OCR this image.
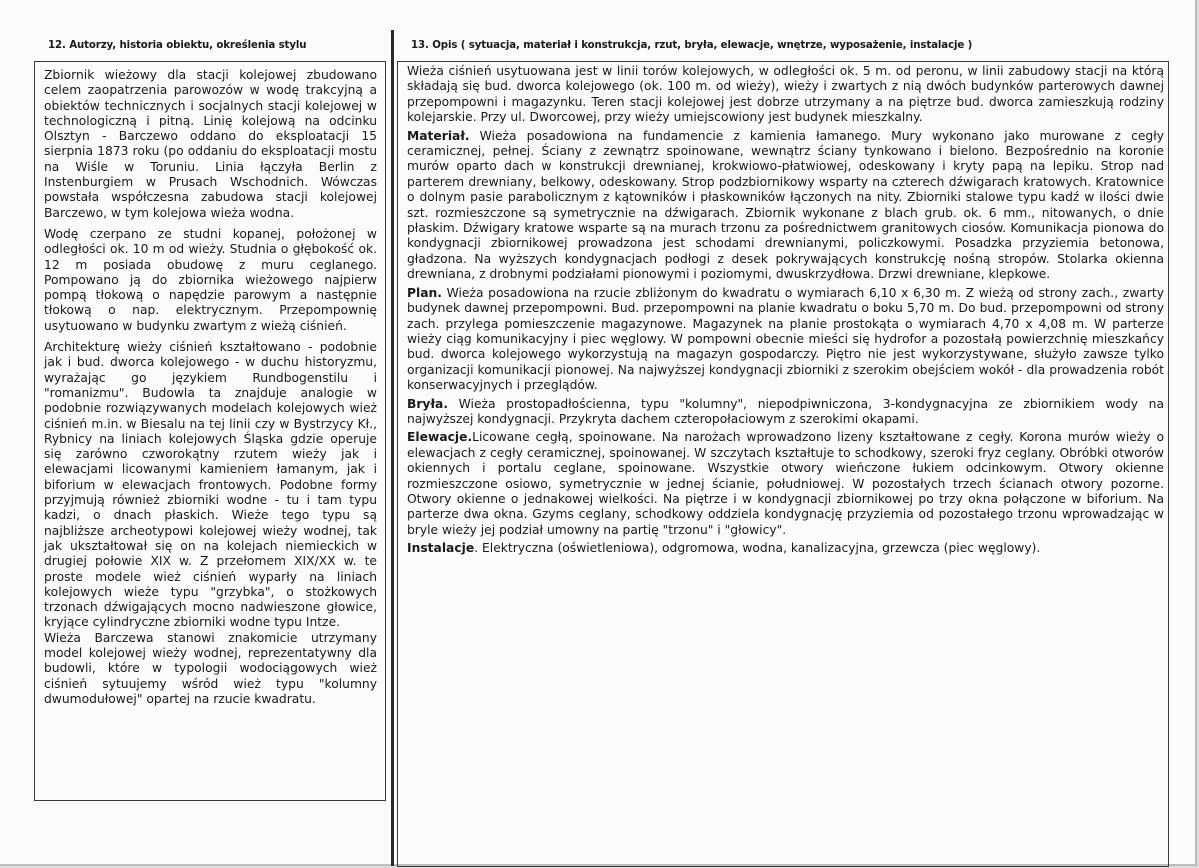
12. Autorzy, historia obiektu, określenia stylu

Zbiornik wieżowy dla stacji kolejowej zbudowano celem zaopatrzenia parowozów w wodę trakcyjną a obiektów technicznych i socjalnych stacji kolejowej w technologiczną i pitną. Linię kolejową na odcinku Olsztyn - Barczewo oddano do eksploatacji 15 sierpnia 1873 roku (po oddaniu do eksploatacji mostu na Wiśle w Toruniu. Linia łączyła Berlin z Instenburgiem w Prusach Wschodnich. Wówczas powstała współczesna zabudowa stacji kolejowej Barczewo, w tym kolejowa wieża wodna.

Wodę czerpano ze studni kopanej, położonej w odległości ok. 10 m od wieży. Studnia o głębokość ok. 12 m posiada obudowę z muru ceglanego. Pompowano ją do zbiornika wieżowego najpierw pompą tłokową o napędzie parowym a następnie tłokową o nap. elektrycznym. Przepompownię usytuowano w budynku zwartym z wieżą ciśnień.

Architekturę wieży ciśnień kształtowano - podobnie jak i bud. dworca kolejowego - w duchu historyzmu, wyrażając go językiem Rundbogenstilu i "romanizmu". Budowla ta znajduje analogie w podobnie rozwiązywanych modelach kolejowych wież ciśnień m.in. w Biesalu na tej linii czy w Bystrzycy Kł., Rybnicy na liniach kolejowych Śląska gdzie operuje się zarówno czworokątny rzutem wieży jak i elewacjami licowanymi kamieniem łamanym, jak i biforium w elewacjach frontowych. Podobne formy przyjmują również zbiorniki wodne - tu i tam typu kadzi, o dnach płaskich. Wieże tego typu są najbliższe archeotypowi kolejowej wieży wodnej, tak jak ukształtował się on na kolejach niemieckich w drugiej połowie XIX w. Z przełomem XIX/XX w. te proste modele wież ciśnień wyparły na liniach kolejowych wieże typu "grzybka", o stożkowych trzonach dźwigających mocno nadwieszone głowice, kryjące cylindryczne zbiorniki wodne typu Intze.

Wieża Barczewa stanowi znakomicie utrzymany model kolejowej wieży wodnej, reprezentatywny dla budowli, które w typologii wodociągowych wież ciśnień sytuujemy wśród wież typu "kolumny dwumodułowej" opartej na rzucie kwadratu.

13. Opis ( sytuacja, materiał i konstrukcja, rzut, bryła, elewacje, wnętrze, wyposażenie, instalacje )

Wieża ciśnień usytuowana jest w linii torów kolejowych, w odległości ok. 5 m. od peronu, w linii zabudowy stacji na którą składają się bud. dworca kolejowego (ok. 100 m. od wieży), wieży i zwartych z nią dwóch budynków parterowych dawnej przepompowni i magazynku. Teren stacji kolejowej jest dobrze utrzymany a na piętrze bud. dworca zamieszkują rodziny kolejarskie. Przy ul. Dworcowej, przy wieży umiejscowiony jest budynek mieszkalny.

Materiał. Wieża posadowiona na fundamencie z kamienia łamanego. Mury wykonano jako murowane z cegły ceramicznej, pełnej. Ściany z zewnątrz spoinowane, wewnątrz ściany tynkowano i bielono. Bezpośrednio na koronie murów oparto dach w konstrukcji drewnianej, krokwiowo-płatwiowej, odeskowany i kryty papą na lepiku. Strop nad parterem drewniany, belkowy, odeskowany. Strop podzbiornikowy wsparty na czterech dźwigarach kratowych. Kratownice o dolnym pasie parabolicznym z kątowników i płaskowników łączonych na nity. Zbiorniki stalowe typu kadź w ilości dwie szt. rozmieszczone są symetrycznie na dźwigarach. Zbiornik wykonane z blach grub. ok. 6 mm., nitowanych, o dnie płaskim. Dźwigary kratowe wsparte są na murach trzonu za pośrednictwem granitowych ciosów. Komunikacja pionowa do kondygnacji zbiornikowej prowadzona jest schodami drewnianymi, policzkowymi. Posadzka przyziemia betonowa, gładzona. Na wyższych kondygnacjach podłogi z desek pokrywających konstrukcję nośną stropów. Stolarka okienna drewniana, z drobnymi podziałami pionowymi i poziomymi, dwuskrzydłowa. Drzwi drewniane, klepkowe.

Plan. Wieża posadowiona na rzucie zbliżonym do kwadratu o wymiarach 6,10 x 6,30 m. Z wieżą od strony zach., zwarty budynek dawnej przepompowni. Bud. przepompowni na planie kwadratu o boku 5,70 m. Do bud. przepompowni od strony zach. przylega pomieszczenie magazynowe. Magazynek na planie prostokąta o wymiarach 4,70 x 4,08 m. W parterze wieży ciąg komunikacyjny i piec węglowy. W pompowni obecnie mieści się hydrofor a pozostałą powierzchnię mieszkańcy bud. dworca kolejowego wykorzystują na magazyn gospodarczy. Piętro nie jest wykorzystywane, służyło zawsze tylko organizacji komunikacji pionowej. Na najwyższej kondygnacji zbiorniki z szerokim obejściem wokół - dla prowadzenia robót konserwacyjnych i przeglądów.

Bryła. Wieża prostopadłościenna, typu "kolumny", niepodpiwniczona, 3-kondygnacyjna ze zbiornikiem wody na najwyższej kondygnacji. Przykryta dachem czteropołaciowym z szerokimi okapami.

Elewacje.Licowane cegłą, spoinowane. Na narożach wprowadzono lizeny kształtowane z cegły. Korona murów wieży o elewacjach z cegły ceramicznej, spoinowanej. W szczytach kształtuje to schodkowy, szeroki fryz ceglany. Obróbki otworów okiennych i portalu ceglane, spoinowane. Wszystkie otwory wieńczone łukiem odcinkowym. Otwory okienne rozmieszczone osiowo, symetrycznie w jednej ścianie, południowej. W pozostałych trzech ścianach otwory pozorne. Otwory okienne o jednakowej wielkości. Na piętrze i w kondygnacji zbiornikowej po trzy okna połączone w biforium. Na parterze dwa okna. Gzyms ceglany, schodkowy oddziela kondygnację przyziemia od pozostałego trzonu wprowadzając w bryle wieży jej podział umowny na partię "trzonu" i "głowicy".

Instalacje. Elektryczna (oświetleniowa), odgromowa, wodna, kanalizacyjna, grzewcza (piec węglowy).
